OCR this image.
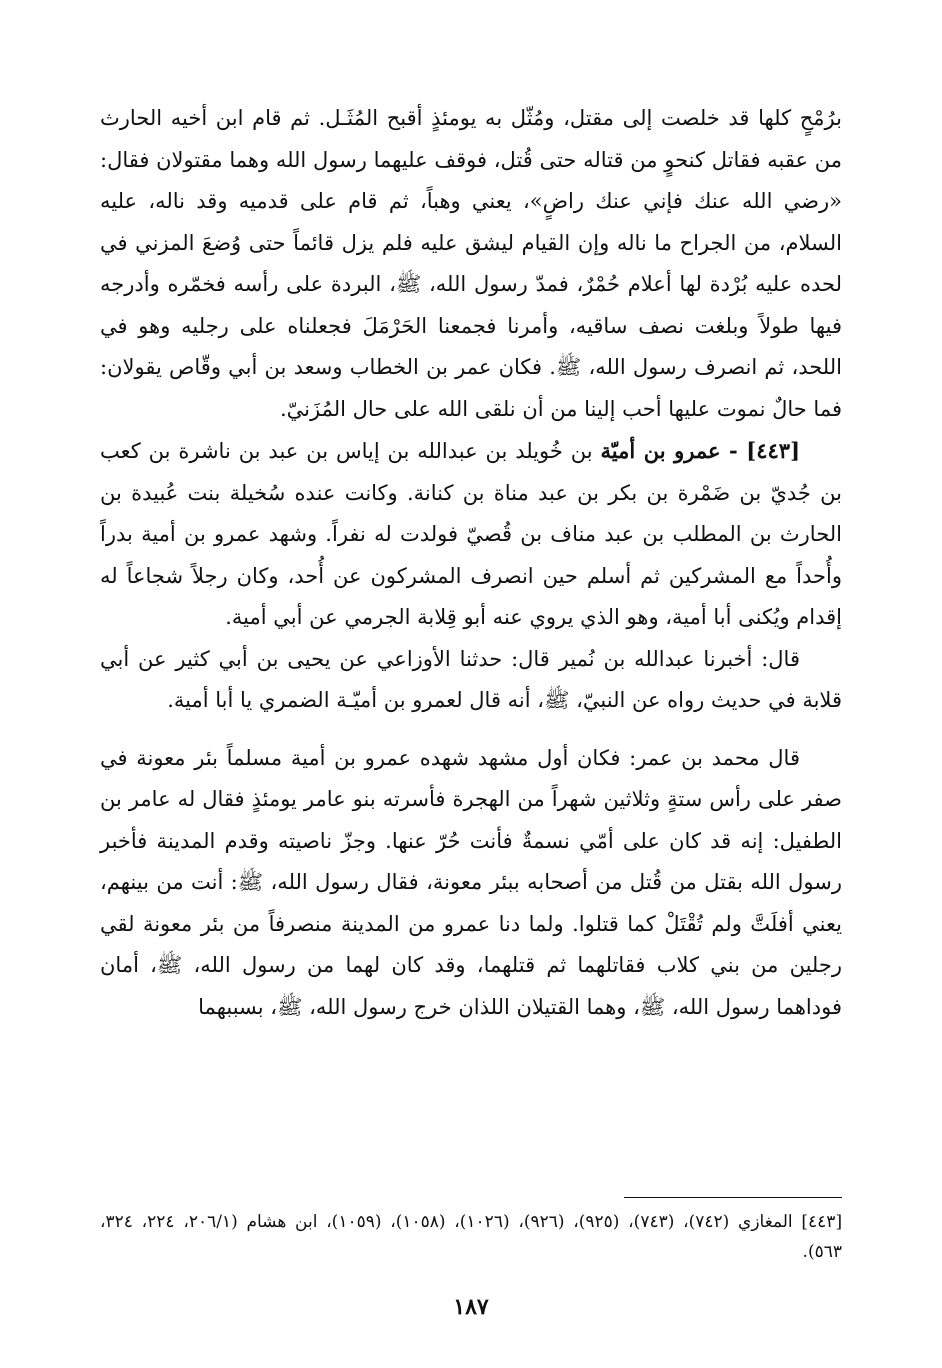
برُمْحٍ كلها قد خلصت إلى مقتل، ومُثّل به يومئذٍ أقبح المُثَـل. ثم قام ابن أخيه الحارث من عقبه فقاتل كنحوٍ من قتاله حتى قُتل، فوقف عليهما رسول الله وهما مقتولان فقال: «رضي الله عنك فإني عنك راضٍ»، يعني وهباً، ثم قام على قدميه وقد ناله، عليه السلام، من الجراح ما ناله وإن القيام ليشق عليه فلم يزل قائماً حتى وُضعَ المزني في لحده عليه بُرْدة لها أعلام حُمْرٌ، فمدّ رسول الله، ﷺ، البردة على رأسه فخمّره وأدرجه فيها طولاً وبلغت نصف ساقيه، وأمرنا فجمعنا الحَرْمَلَ فجعلناه على رجليه وهو في اللحد، ثم انصرف رسول الله، ﷺ. فكان عمر بن الخطاب وسعد بن أبي وقّاص يقولان: فما حالٌ نموت عليها أحب إلينا من أن نلقى الله على حال المُزَنيّ.

[٤٤٣] - عمرو بن أميّة بن خُويلد بن عبدالله بن إياس بن عبد بن ناشرة بن كعب بن جُديّ بن ضَمْرة بن بكر بن عبد مناة بن كنانة. وكانت عنده سُخيلة بنت عُبيدة بن الحارث بن المطلب بن عبد مناف بن قُصيّ فولدت له نفراً. وشهد عمرو بن أمية بدراً وأُحداً مع المشركين ثم أسلم حين انصرف المشركون عن أُحد، وكان رجلاً شجاعاً له إقدام ويُكنى أبا أمية، وهو الذي يروي عنه أبو قِلابة الجرمي عن أبي أمية.

قال: أخبرنا عبدالله بن نُمير قال: حدثنا الأوزاعي عن يحيى بن أبي كثير عن أبي قلابة في حديث رواه عن النبيّ، ﷺ، أنه قال لعمرو بن أميّـة الضمري يا أبا أمية.

قال محمد بن عمر: فكان أول مشهد شهده عمرو بن أمية مسلماً بئر معونة في صفر على رأس ستةٍ وثلاثين شهراً من الهجرة فأسرته بنو عامر يومئذٍ فقال له عامر بن الطفيل: إنه قد كان على أمّي نسمةٌ فأنت حُرّ عنها. وجزّ ناصيته وقدم المدينة فأخبر رسول الله بقتل من قُتل من أصحابه ببئر معونة، فقال رسول الله، ﷺ: أنت من بينهم، يعني أفلَتَّ ولم تُقْتَلْ كما قتلوا. ولما دنا عمرو من المدينة منصرفاً من بئر معونة لقي رجلين من بني كلاب فقاتلهما ثم قتلهما، وقد كان لهما من رسول الله، ﷺ، أمان فوداهما رسول الله، ﷺ، وهما القتيلان اللذان خرج رسول الله، ﷺ، بسببهما

[٤٤٣] المغازي (٧٤٢)، (٧٤٣)، (٩٢٥)، (٩٢٦)، (١٠٢٦)، (١٠٥٨)، (١٠٥٩)، ابن هشام (٢٠٦/١، ٢٢٤، ٣٢٤، ٥٦٣).

١٨٧
